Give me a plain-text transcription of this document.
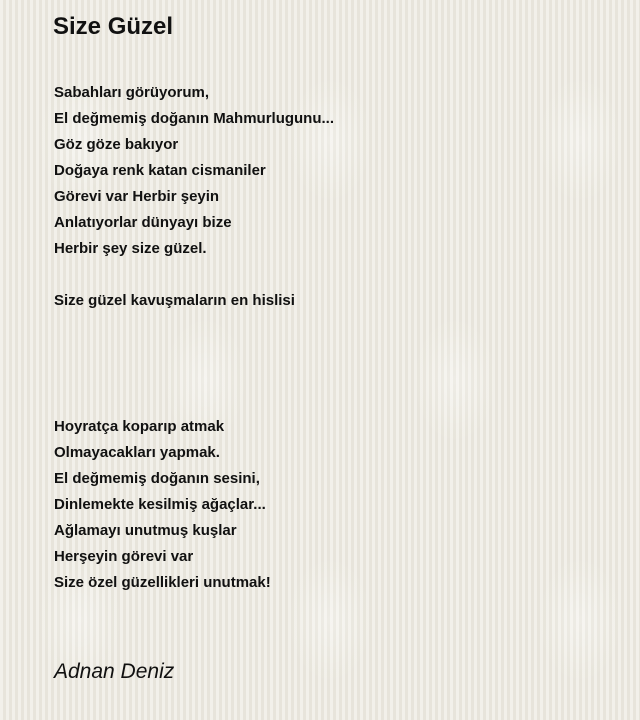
Size Güzel
Sabahları görüyorum,
El değmemiş doğanın Mahmurlugunu...
Göz göze bakıyor
Doğaya renk katan cismaniler
Görevi var Herbir şeyin
Anlatıyorlar dünyayı bize
Herbir şey size güzel.
Size güzel kavuşmaların en hislisi
Hoyratça koparıp atmak
Olmayacakları yapmak.
El değmemiş doğanın sesini,
Dinlemekte kesilmiş ağaçlar...
Ağlamayı unutmuş kuşlar
Herşeyin görevi var
Size özel güzellikleri unutmak!
Adnan Deniz
